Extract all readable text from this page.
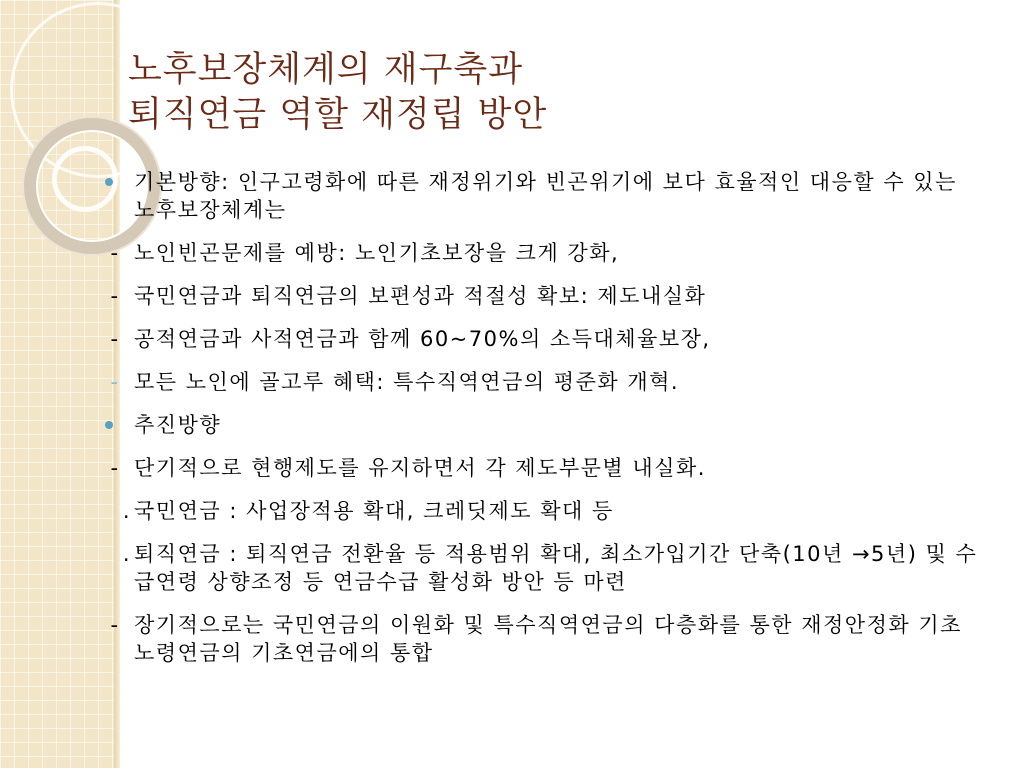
노후보장체계의 재구축과
퇴직연금 역할 재정립 방안
기본방향: 인구고령화에 따른 재정위기와 빈곤위기에 보다 효율적인 대응할 수 있는 노후보장체계는
- 노인빈곤문제를 예방: 노인기초보장을 크게 강화,
- 국민연금과 퇴직연금의 보편성과 적절성 확보: 제도내실화
- 공적연금과 사적연금과 함께 60~70%의 소득대체율보장,
- 모든 노인에 골고루 혜택: 특수직역연금의 평준화 개혁.
추진방향
- 단기적으로 현행제도를 유지하면서 각 제도부문별 내실화.
. 국민연금 : 사업장적용 확대, 크레딧제도 확대 등
. 퇴직연금 : 퇴직연금 전환율 등 적용범위 확대, 최소가입기간 단축(10년 →5년) 및 수급연령 상향조정 등 연금수급 활성화 방안 등 마련
- 장기적으로는 국민연금의 이원화 및 특수직역연금의 다층화를 통한 재정안정화 기초노령연금의 기초연금에의 통합
